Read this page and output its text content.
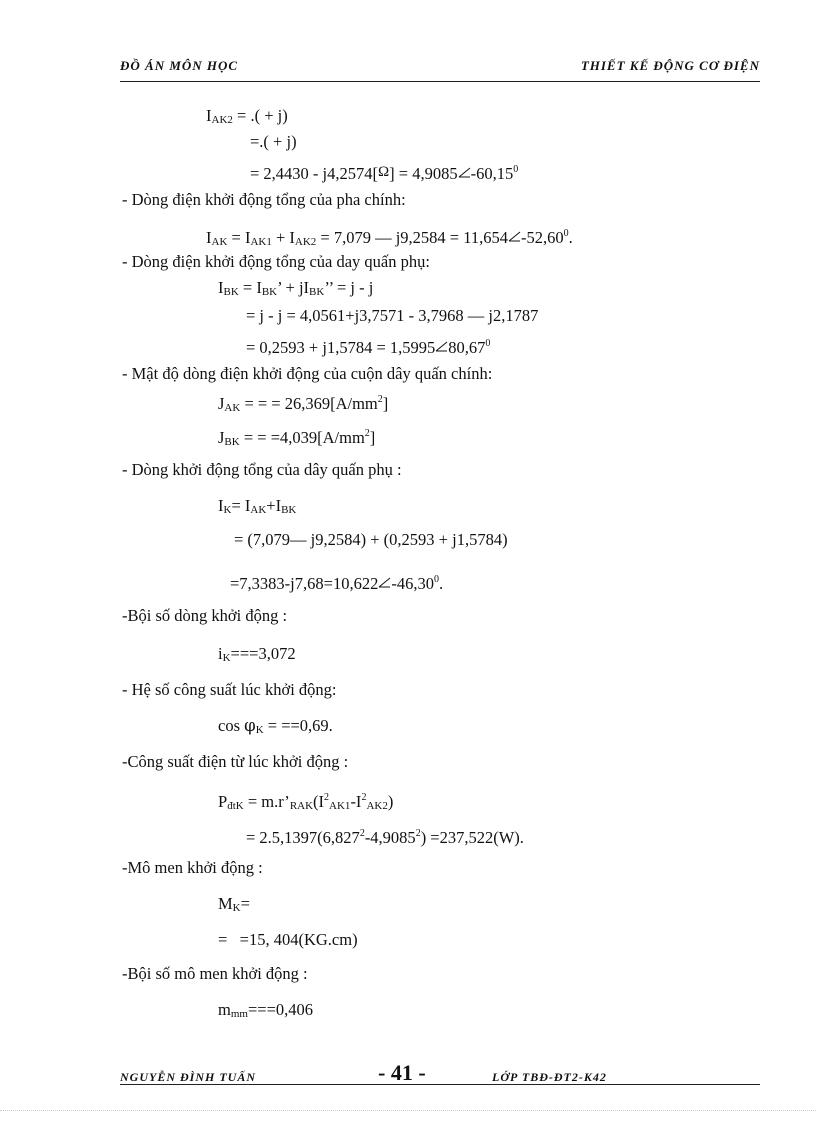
ĐỒ ÁN MÔN HỌC	THIẾT KẾ ĐỘNG CƠ ĐIỆN
IAK2 = .( + j)
=.( + j)
= 2,4430 - j4,2574[Ω] = 4,9085 -60,15$^0$
- Dòng điện khởi động tổng của pha chính:
IAK = IAK1 + IAK2 = 7,079 — j9,2584 = 11,654 -52,60$^0$.
- Dòng điện khởi động tổng của day quấn phụ:
IBK = IBK’ + jIBK’’ = j - j
= j - j = 4,0561+j3,7571 - 3,7968 — j2,1787
= 0,2593 + j1,5784 = 1,5995 80,67$^0$
- Mật độ dòng điện khởi động của cuộn dây quấn chính:
JAK = = = $26,369[A/mm^2]$
JBK = = $=4,039[A/mm^2]$
- Dòng khởi động tổng của dây quấn phụ :
IK= IAK+IBK
= (7,079— j9,2584) + (0,2593 + j1,5784)
=7,3383-j7,68=10,622 -46,30$^0$.
-Bội số dòng khởi động :
iK===3,072
- Hệ số công suất lúc khởi động:
cos φK = ==0,69.
-Công suất điện từ lúc khởi động :
PđtK = $m.r’RAK(I^2AK1-I^2AK2)$
= $2.5,1397(6,827^2-4,9085^2) =237,522(W)$.
-Mô men khởi động :
MK=
=   =15, 404(KG.cm)
-Bội số mô men khởi động :
mmm===0,406
NGUYỄN ĐÌNH TUẤN	- 41 -	LỚP TBĐ-ĐT2-K42
